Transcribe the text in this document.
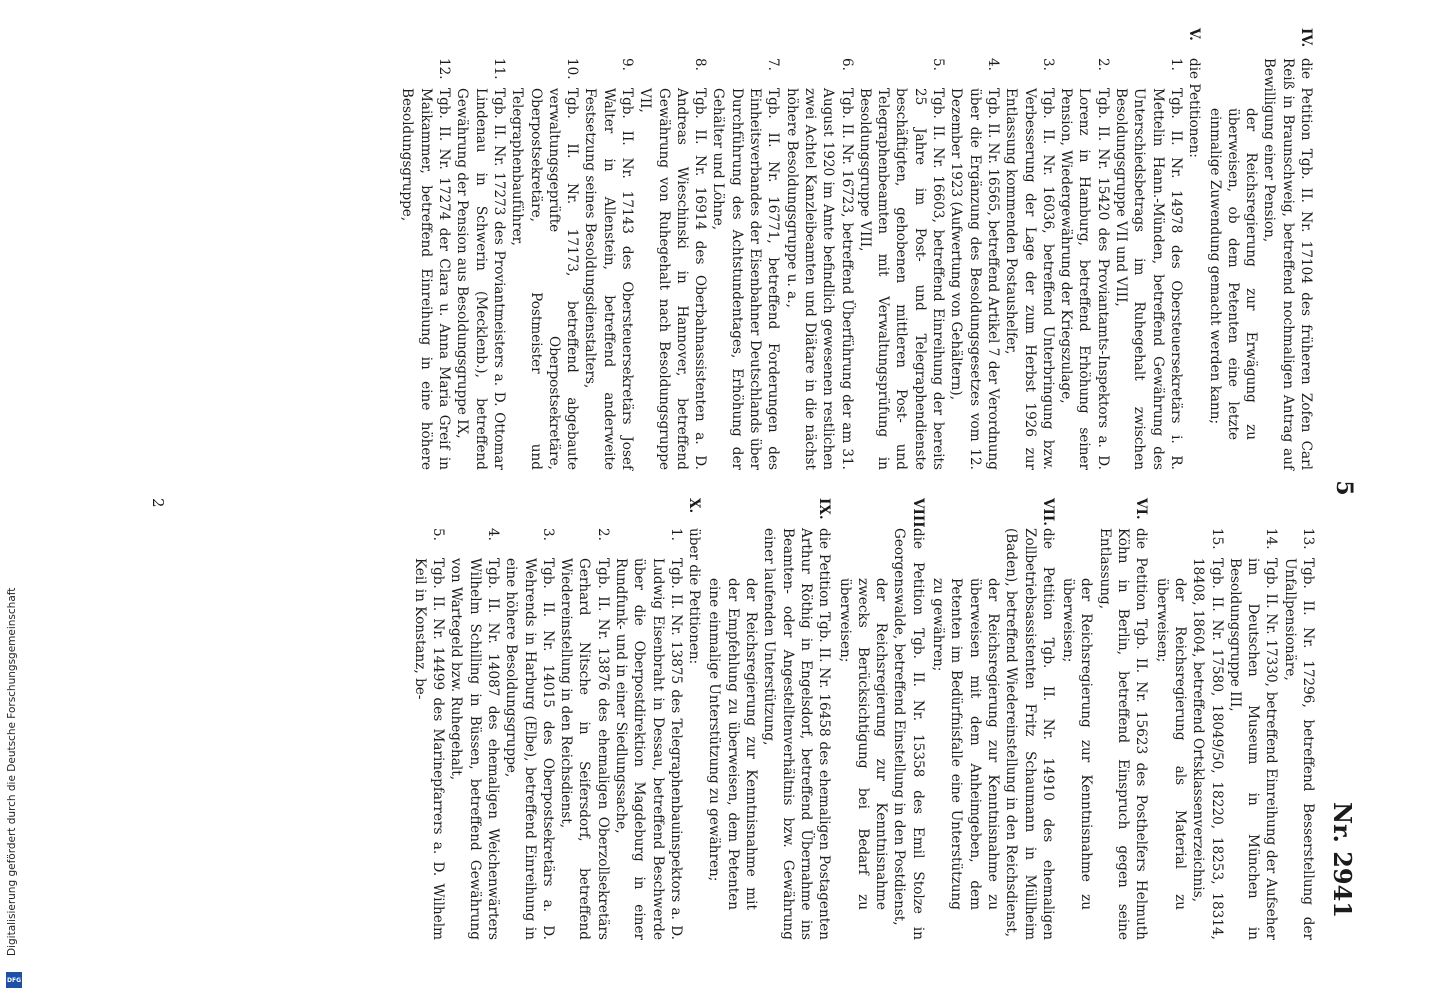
5
Nr. 2941
IV.
die Petition Tgb. II. Nr. 17104 des früheren Zofen Carl Reiß in Braunschweig, betreffend nochmaligen Antrag auf Bewilligung einer Pension,
der Reichsregierung zur Erwägung zu überweisen, ob dem Petenten eine letzte einmalige Zuwendung gemacht werden kann;
V.
die Petitionen:
1.
Tgb. II. Nr. 14978 des Obersteuersekretärs i. R. Mettelin Hann.-Münden, betreffend Gewährung des Unterschiedsbetrags im Ruhegehalt zwischen Besoldungsgruppe VII und VIII,
2.
Tgb. II. Nr. 15420 des Proviantamts-Inspektors a. D. Lorenz in Hamburg, betreffend Erhöhung seiner Pension, Wiedergewährung der Kriegszulage,
3.
Tgb. II. Nr. 16036, betreffend Unterbringung bzw. Verbesserung der Lage der zum Herbst 1926 zur Entlassung kommenden Postaushelfer,
4.
Tgb. II. Nr. 16565, betreffend Artikel 7 der Verordnung über die Ergänzung des Besoldungsgesetzes vom 12. Dezember 1923 (Aufwertung von Gehältern),
5.
Tgb. II. Nr. 16603, betreffend Einreihung der bereits 25 Jahre im Post- und Telegraphendienste beschäftigten, gehobenen mittleren Post- und Telegraphenbeamten mit Verwaltungsprüfung in Besoldungsgruppe VIII,
6.
Tgb. II. Nr. 16723, betreffend Überführung der am 31. August 1920 im Amte befindlich gewesenen restlichen zwei Achtel Kanzleibeamten und Diätare in die nächst höhere Besoldungsgruppe u. a.,
7.
Tgb. II. Nr. 16771, betreffend Forderungen des Einheitsverbandes der Eisenbahner Deutschlands über Durchführung des Achtstundentages, Erhöhung der Gehälter und Löhne,
8.
Tgb. II. Nr. 16914 des Oberbahnassistenten a. D. Andreas Wieschinski in Hannover, betreffend Gewährung von Ruhegehalt nach Besoldungsgruppe VII,
9.
Tgb. II. Nr. 17143 des Obersteuersekretärs Josef Walter in Allenstein, betreffend anderweite Festsetzung seines Besoldungsdienstalters,
10.
Tgb. II. Nr. 17173, betreffend abgebaute verwaltungsgeprüfte Oberpostsekretäre, Oberpostsekretäre, Postmeister und Telegraphenbauführer,
11.
Tgb. II. Nr. 17273 des Proviantmeisters a. D. Ottomar Lindenau in Schwerin (Mecklenb.), betreffend Gewährung der Pension aus Besoldungsgruppe IX,
12.
Tgb. II. Nr. 17274 der Clara u. Anna Maria Greif in Maikammer, betreffend Einreihung in eine höhere Besoldungsgruppe,
13.
Tgb. II. Nr. 17296, betreffend Besserstellung der Unfallpensionäre,
14.
Tgb. II. Nr. 17330, betreffend Einreihung der Aufseher im Deutschen Museum in München in Besoldungsgruppe III,
15.
Tgb. II. Nr. 17580, 18049/50, 18220, 18253, 18314, 18408, 18604, betreffend Ortsklassenverzeichnis,
der Reichsregierung als Material zu überweisen;
VI.
die Petition Tgb. II. Nr. 15623 des Posthelfers Helmuth Köhn in Berlin, betreffend Einspruch gegen seine Entlassung,
der Reichsregierung zur Kenntnisnahme zu überweisen;
VII.
die Petition Tgb. II. Nr. 14910 des ehemaligen Zollbetriebsassistenten Fritz Schaumann in Müllheim (Baden), betreffend Wiedereinstellung in den Reichsdienst,
der Reichsregierung zur Kenntnisnahme zu überweisen mit dem Anheimgeben, dem Petenten im Bedürfnisfalle eine Unterstützung zu gewähren;
VIII.
die Petition Tgb. II. Nr. 15358 des Emil Stolze in Georgenswalde, betreffend Einstellung in den Postdienst,
der Reichsregierung zur Kenntnisnahme zwecks Berücksichtigung bei Bedarf zu überweisen;
IX.
die Petition Tgb. II. Nr. 16458 des ehemaligen Postagenten Arthur Röthig in Engelsdorf, betreffend Übernahme ins Beamten- oder Angestelltenverhältnis bzw. Gewährung einer laufenden Unterstützung,
der Reichsregierung zur Kenntnisnahme mit der Empfehlung zu überweisen, dem Petenten eine einmalige Unterstützung zu gewähren;
X.
über die Petitionen:
1.
Tgb. II. Nr. 13875 des Telegraphenbauinspektors a. D. Ludwig Eisenbraht in Dessau, betreffend Beschwerde über die Oberpostdirektion Magdeburg in einer Rundfunk- und in einer Siedlungssache,
2.
Tgb. II. Nr. 13876 des ehemaligen Oberzollsekretärs Gerhard Nitsche in Seifersdorf, betreffend Wiedereinstellung in den Reichsdienst,
3.
Tgb. II. Nr. 14015 des Oberpostsekretärs a. D. Wehrends in Harburg (Elbe), betreffend Einreihung in eine höhere Besoldungsgruppe,
4.
Tgb. II. Nr. 14087 des ehemaligen Weichenwärters Wilhelm Schilling in Büssen, betreffend Gewährung von Wartegeld bzw. Ruhegehalt,
5.
Tgb. II. Nr. 14499 des Marinepfarrers a. D. Wilhelm Keil in Konstanz, be-
2
Digitalisierung gefördert durch die Deutsche Forschungsgemeinschaft
DFG
